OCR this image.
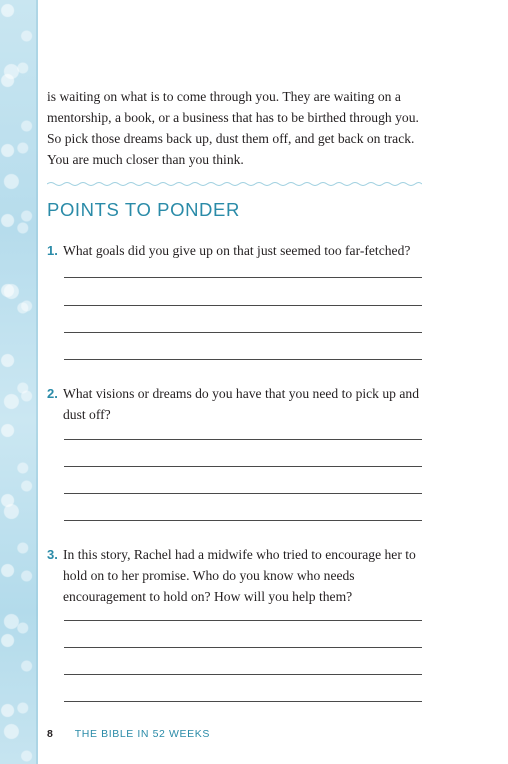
is waiting on what is to come through you. They are waiting on a mentorship, a book, or a business that has to be birthed through you. So pick those dreams back up, dust them off, and get back on track. You are much closer than you think.

POINTS TO PONDER
1. What goals did you give up on that just seemed too far-fetched?
2. What visions or dreams do you have that you need to pick up and dust off?
3. In this story, Rachel had a midwife who tried to encourage her to hold on to her promise. Who do you know who needs encouragement to hold on? How will you help them?
8 THE BIBLE IN 52 WEEKS
